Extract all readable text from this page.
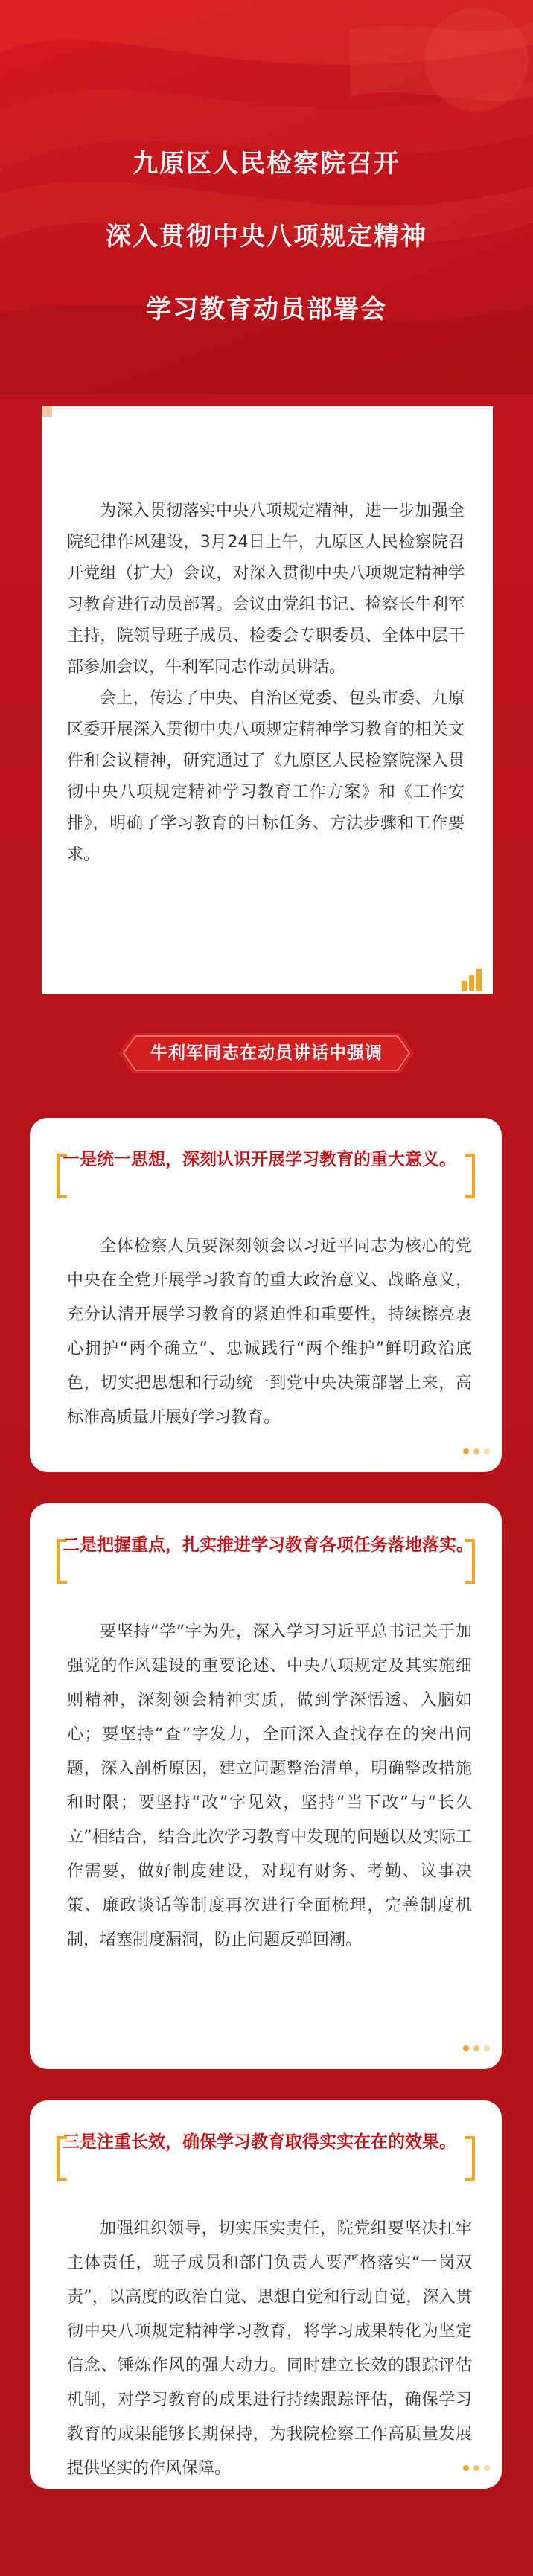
九原区人民检察院召开
深入贯彻中央八项规定精神
学习教育动员部署会

为深入贯彻落实中央八项规定精神，进一步加强全院纪律作风建设，3月24日上午，九原区人民检察院召开党组（扩大）会议，对深入贯彻中央八项规定精神学习教育进行动员部署。会议由党组书记、检察长牛利军主持，院领导班子成员、检委会专职委员、全体中层干部参加会议，牛利军同志作动员讲话。

会上，传达了中央、自治区党委、包头市委、九原区委开展深入贯彻中央八项规定精神学习教育的相关文件和会议精神，研究通过了《九原区人民检察院深入贯彻中央八项规定精神学习教育工作方案》和《工作安排》，明确了学习教育的目标任务、方法步骤和工作要求。

牛利军同志在动员讲话中强调
一是统一思想，深刻认识开展学习教育的重大意义。

全体检察人员要深刻领会以习近平同志为核心的党中央在全党开展学习教育的重大政治意义、战略意义，充分认清开展学习教育的紧迫性和重要性，持续擦亮衷心拥护“两个确立”、忠诚践行“两个维护”鲜明政治底色，切实把思想和行动统一到党中央决策部署上来，高标准高质量开展好学习教育。

二是把握重点，扎实推进学习教育各项任务落地落实。

要坚持“学”字为先，深入学习习近平总书记关于加强党的作风建设的重要论述、中央八项规定及其实施细则精神，深刻领会精神实质，做到学深悟透、入脑如心；要坚持“查”字发力，全面深入查找存在的突出问题，深入剖析原因，建立问题整治清单，明确整改措施和时限；要坚持“改”字见效，坚持“当下改”与“长久立”相结合，结合此次学习教育中发现的问题以及实际工作需要，做好制度建设，对现有财务、考勤、议事决策、廉政谈话等制度再次进行全面梳理，完善制度机制，堵塞制度漏洞，防止问题反弹回潮。

三是注重长效，确保学习教育取得实实在在的效果。

加强组织领导，切实压实责任，院党组要坚决扛牢主体责任，班子成员和部门负责人要严格落实“一岗双责”，以高度的政治自觉、思想自觉和行动自觉，深入贯彻中央八项规定精神学习教育，将学习成果转化为坚定信念、锤炼作风的强大动力。同时建立长效的跟踪评估机制，对学习教育的成果进行持续跟踪评估，确保学习教育的成果能够长期保持，为我院检察工作高质量发展提供坚实的作风保障。
